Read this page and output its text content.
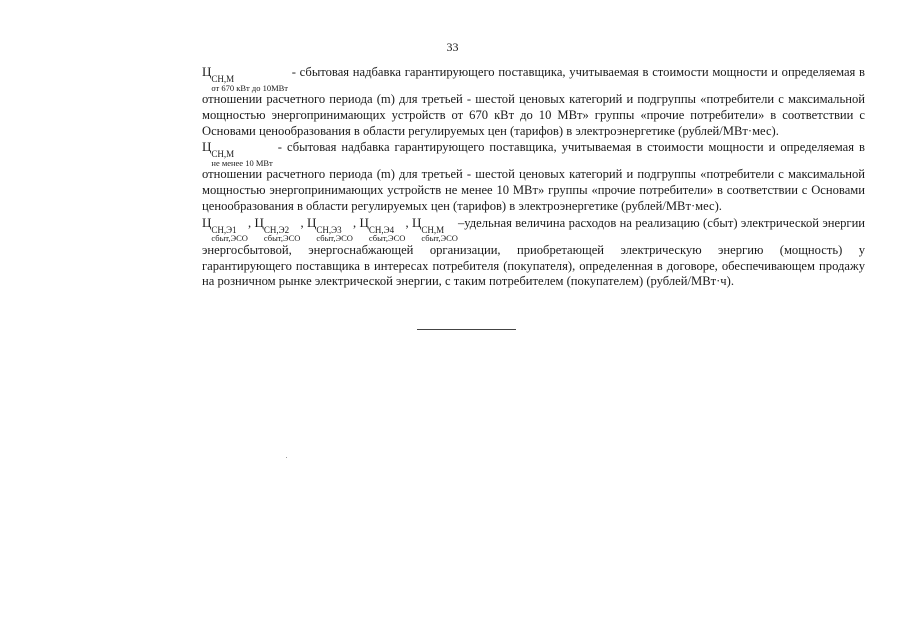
33

Ц СН,М
от 670 кВт до 10МВт
- сбытовая надбавка гарантирующего поставщика, учитываемая в стоимости мощности и определяемая в отношении расчетного периода (m) для третьей - шестой ценовых категорий и подгруппы «потребители с максимальной мощностью энергопринимающих устройств от 670 кВт до 10 МВт» группы «прочие потребители» в соответствии с Основами ценообразования в области регулируемых цен (тарифов) в электроэнергетике (рублей/МВт·мес).

Ц СН,М
не менее 10 МВт
- сбытовая надбавка гарантирующего поставщика, учитываемая в стоимости мощности и определяемая в отношении расчетного периода (m) для третьей - шестой ценовых категорий и подгруппы «потребители с максимальной мощностью энергопринимающих устройств не менее 10 МВт» группы «прочие потребители» в соответствии с Основами ценообразования в области регулируемых цен (тарифов) в электроэнергетике (рублей/МВт·мес).

Ц СН,Э1
сбыт,ЭСО
, Ц СН,Э2
сбыт,ЭСО
, Ц СН,Э3
сбыт,ЭСО
, Ц СН,Э4
сбыт,ЭСО
, Ц СН,М
сбыт,ЭСО
–удельная величина расходов на реализацию (сбыт) электрической энергии энергосбытовой, энергоснабжающей организации, приобретающей электрическую энергию (мощность) у гарантирующего поставщика в интересах потребителя (покупателя), определенная в договоре, обеспечивающем продажу на розничном рынке электрической энергии, с таким потребителем (покупателем) (рублей/МВт·ч).
